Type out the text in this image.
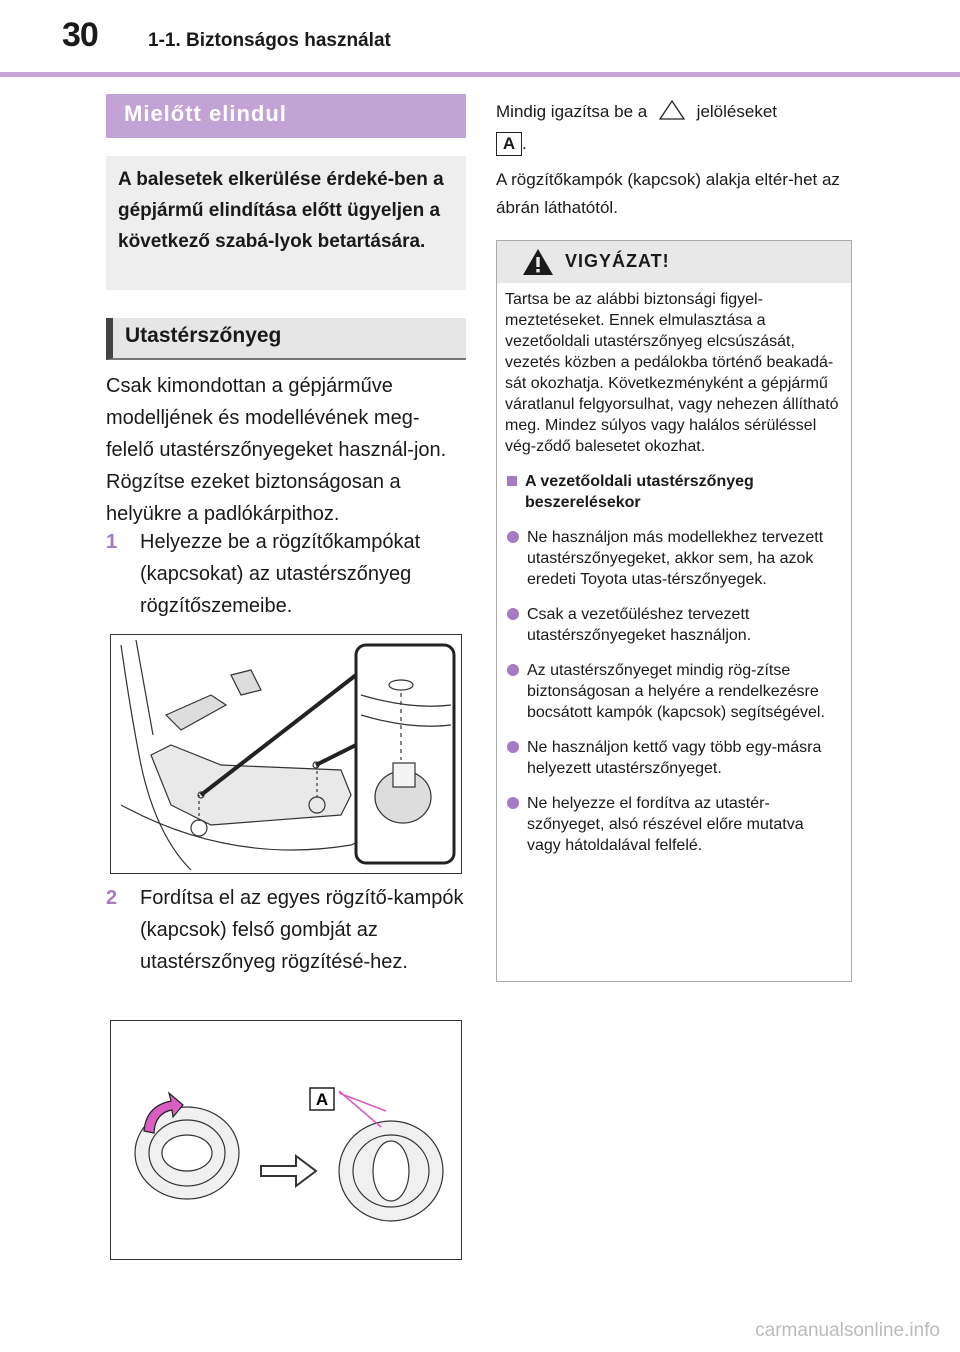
30	1-1. Biztonságos használat
Mielőtt elindul
A balesetek elkerülése érdeké-ben a gépjármű elindítása előtt ügyeljen a következő szabá-lyok betartására.
Utastérszőnyeg
Csak kimondottan a gépjárműve modelljének és modellévének meg-felelő utastérszőnyegeket használ-jon. Rögzítse ezeket biztonságosan a helyükre a padlókárpithoz.
1	Helyezze be a rögzítőkampókat (kapcsokat) az utastérszőnyeg rögzítőszemeibe.
2	Fordítsa el az egyes rögzítő-kampók (kapcsok) felső gombját az utastérszőnyeg rögzítésé-hez.
A
Mindig igazítsa be a	jelöléseket
A .
A rögzítőkampók (kapcsok) alakja eltér-het az ábrán láthatótól.
VIGYÁZAT!
Tartsa be az alábbi biztonsági figyel-meztetéseket. Ennek elmulasztása a vezetőoldali utastérszőnyeg elcsúszását, vezetés közben a pedálokba történő beakadá-sát okozhatja. Következményként a gépjármű váratlanul felgyorsulhat, vagy nehezen állítható meg. Mindez súlyos vagy halálos sérüléssel vég-ződő balesetet okozhat.
A vezetőoldali utastérszőnyeg beszerelésekor
Ne használjon más modellekhez tervezett utastérszőnyegeket, akkor sem, ha azok eredeti Toyota utas-térszőnyegek.
Csak a vezetőüléshez tervezett utastérszőnyegeket használjon.
Az utastérszőnyeget mindig rög-zítse biztonságosan a helyére a rendelkezésre bocsátott kampók (kapcsok) segítségével.
Ne használjon kettő vagy több egy-másra helyezett utastérszőnyeget.
Ne helyezze el fordítva az utastér-szőnyeget, alsó részével előre mutatva vagy hátoldalával felfelé.
carmanualsonline.info
